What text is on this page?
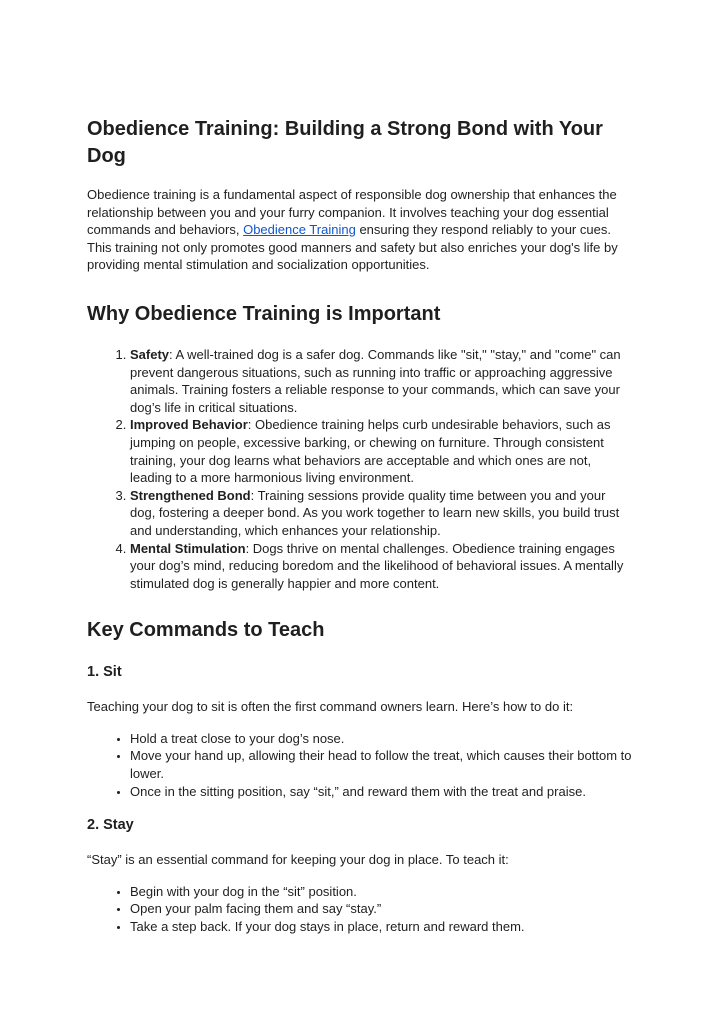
Obedience Training: Building a Strong Bond with Your Dog

Obedience training is a fundamental aspect of responsible dog ownership that enhances the relationship between you and your furry companion. It involves teaching your dog essential commands and behaviors, Obedience Training ensuring they respond reliably to your cues. This training not only promotes good manners and safety but also enriches your dog's life by providing mental stimulation and socialization opportunities.

Why Obedience Training is Important
1. Safety: A well-trained dog is a safer dog. Commands like "sit," "stay," and "come" can prevent dangerous situations, such as running into traffic or approaching aggressive animals. Training fosters a reliable response to your commands, which can save your dog’s life in critical situations.
2. Improved Behavior: Obedience training helps curb undesirable behaviors, such as jumping on people, excessive barking, or chewing on furniture. Through consistent training, your dog learns what behaviors are acceptable and which ones are not, leading to a more harmonious living environment.
3. Strengthened Bond: Training sessions provide quality time between you and your dog, fostering a deeper bond. As you work together to learn new skills, you build trust and understanding, which enhances your relationship.
4. Mental Stimulation: Dogs thrive on mental challenges. Obedience training engages your dog’s mind, reducing boredom and the likelihood of behavioral issues. A mentally stimulated dog is generally happier and more content.
Key Commands to Teach
1. Sit

Teaching your dog to sit is often the first command owners learn. Here’s how to do it:

• Hold a treat close to your dog’s nose.
• Move your hand up, allowing their head to follow the treat, which causes their bottom to lower.
• Once in the sitting position, say “sit,” and reward them with the treat and praise.
2. Stay

“Stay” is an essential command for keeping your dog in place. To teach it:

• Begin with your dog in the “sit” position.
• Open your palm facing them and say “stay.”
• Take a step back. If your dog stays in place, return and reward them.
